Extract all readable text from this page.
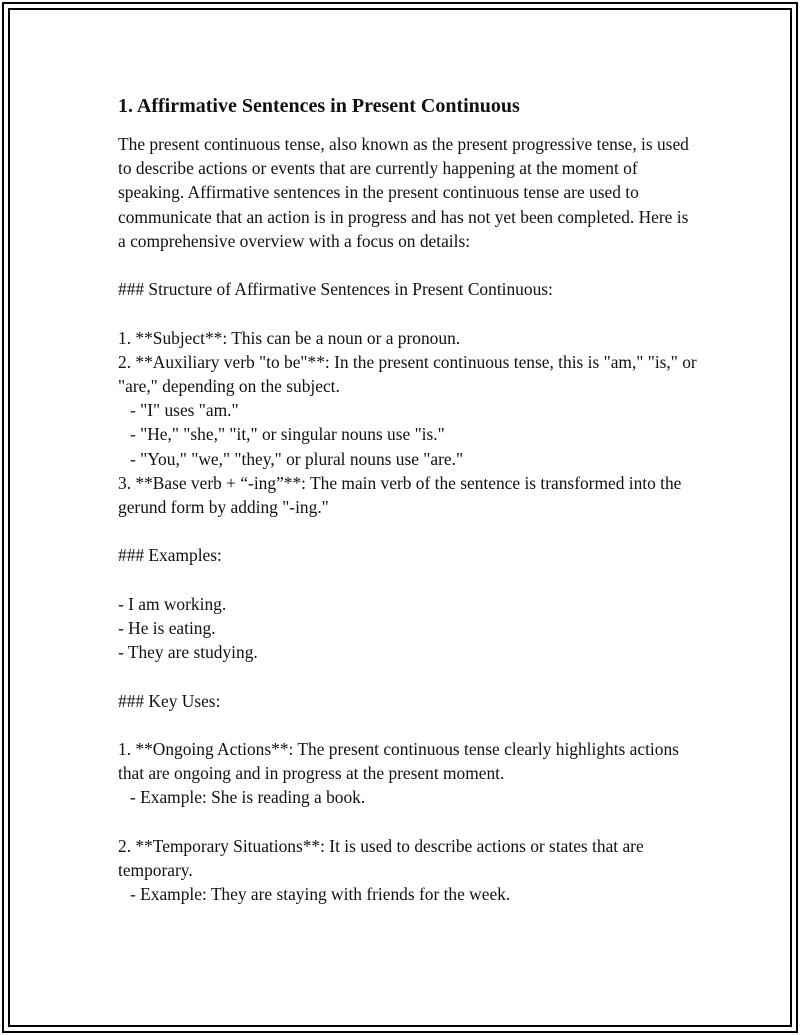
1. Affirmative Sentences in Present Continuous

The present continuous tense, also known as the present progressive tense, is used to describe actions or events that are currently happening at the moment of speaking. Affirmative sentences in the present continuous tense are used to communicate that an action is in progress and has not yet been completed. Here is a comprehensive overview with a focus on details:

### Structure of Affirmative Sentences in Present Continuous:

1. **Subject**: This can be a noun or a pronoun.

2. **Auxiliary verb "to be"**: In the present continuous tense, this is "am," "is," or "are," depending on the subject.

- "I" uses "am."

- "He," "she," "it," or singular nouns use "is."

- "You," "we," "they," or plural nouns use "are."

3. **Base verb + “-ing”**: The main verb of the sentence is transformed into the gerund form by adding "-ing."

### Examples:

- I am working.

- He is eating.

- They are studying.

### Key Uses:

1. **Ongoing Actions**: The present continuous tense clearly highlights actions that are ongoing and in progress at the present moment.

- Example: She is reading a book.

2. **Temporary Situations**: It is used to describe actions or states that are temporary.

- Example: They are staying with friends for the week.
